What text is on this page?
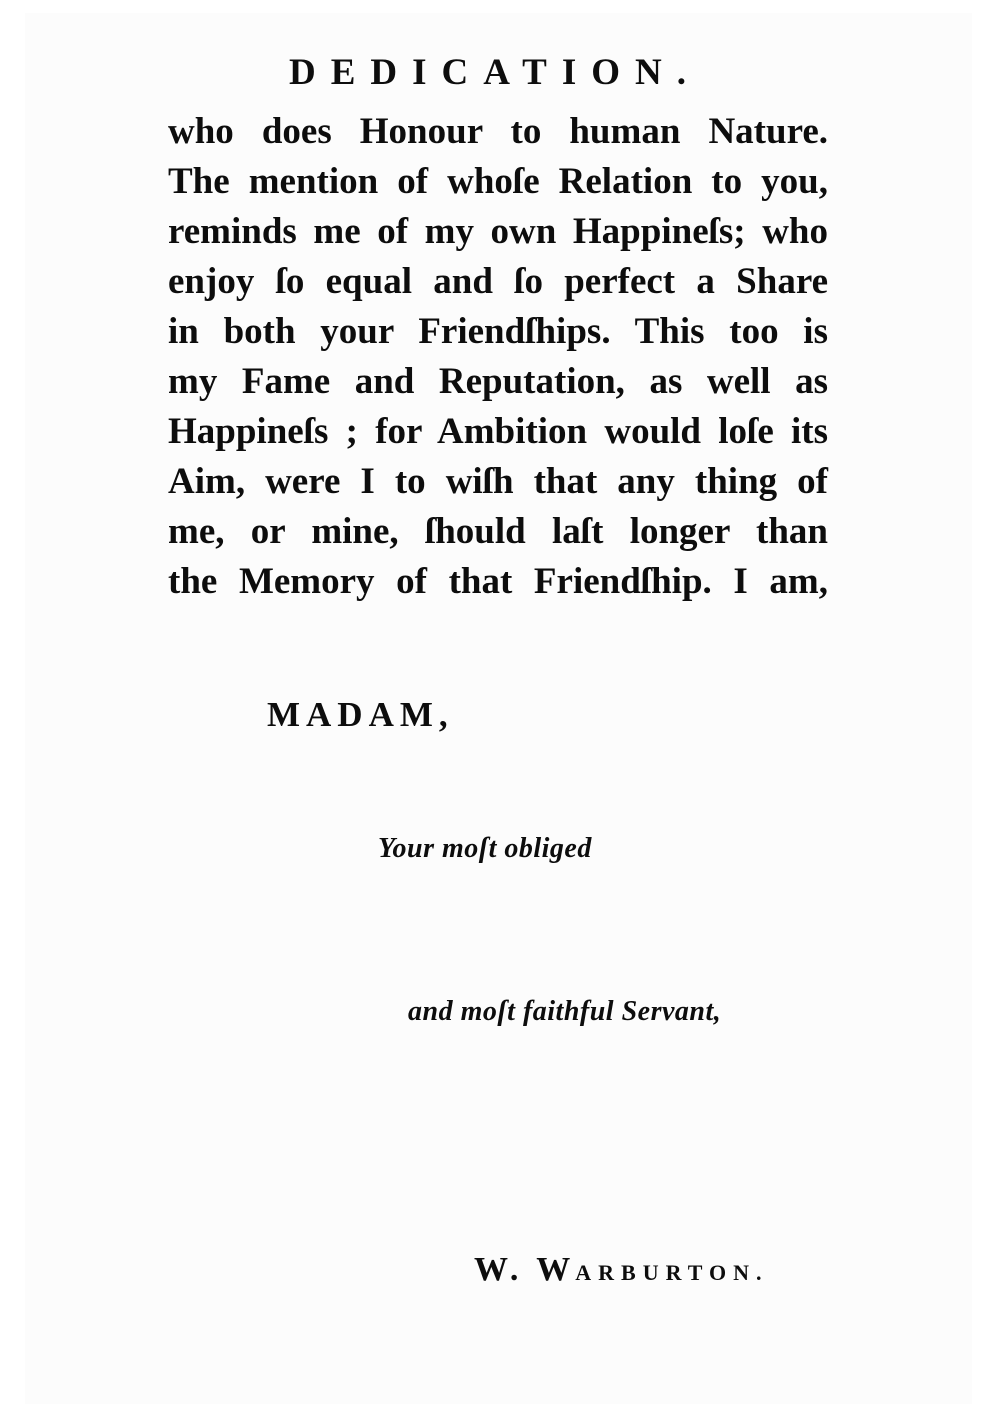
DEDICATION.
who does Honour to human Nature.
The mention of whoſe Relation to you,
reminds me of my own Happineſs; who
enjoy ſo equal and ſo perfect a Share
in both your Friendſhips. This too is
my Fame and Reputation, as well as
Happineſs ; for Ambition would loſe its
Aim, were I to wiſh that any thing of
me, or mine, ſhould laſt longer than
the Memory of that Friendſhip. I am,
MADAM,
Your moſt obliged
and moſt faithful Servant,
W. WARBURTON.
